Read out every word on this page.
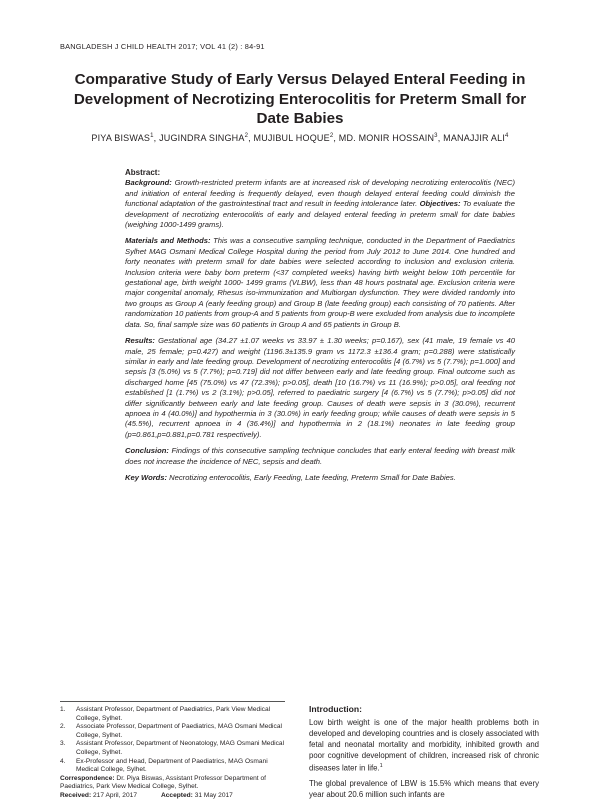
BANGLADESH J CHILD HEALTH 2017; VOL 41 (2) : 84-91
Comparative Study of Early Versus Delayed Enteral Feeding in Development of Necrotizing Enterocolitis for Preterm Small for Date Babies
PIYA BISWAS$^1$, JUGINDRA SINGHA$^2$, MUJIBUL HOQUE$^2$, MD. MONIR HOSSAIN$^3$, MANAJJIR ALI$^4$

Abstract:

Background: Growth-restricted preterm infants are at increased risk of developing necrotizing enterocolitis (NEC) and initiation of enteral feeding is frequently delayed, even though delayed enteral feeding could diminish the functional adaptation of the gastrointestinal tract and result in feeding intolerance later. Objectives: To evaluate the development of necrotizing enterocolitis of early and delayed enteral feeding in preterm small for date babies (weighing 1000-1499 grams).

Materials and Methods: This was a consecutive sampling technique, conducted in the Department of Paediatrics Sylhet MAG Osmani Medical College Hospital during the period from July 2012 to June 2014. One hundred and forty neonates with preterm small for date babies were selected according to inclusion and exclusion criteria. Inclusion criteria were baby born preterm (<37 completed weeks) having birth weight below 10th percentile for gestational age, birth weight 1000- 1499 grams (VLBW), less than 48 hours postnatal age. Exclusion criteria were major congenital anomaly, Rhesus iso-immunization and Multiorgan dysfunction. They were divided randomly into two groups as Group A (early feeding group) and Group B (late feeding group) each consisting of 70 patients. After randomization 10 patients from group-A and 5 patients from group-B were excluded from analysis due to incomplete data. So, final sample size was 60 patients in Group A and 65 patients in Group B.

Results: Gestational age (34.27 ±1.07 weeks vs 33.97 ± 1.30 weeks; p=0.167), sex (41 male, 19 female vs 40 male, 25 female; p=0.427) and weight (1196.3±135.9 gram vs 1172.3 ±136.4 gram; p=0.288) were statistically similar in early and late feeding group. Development of necrotizing enterocolitis [4 (6.7%) vs 5 (7.7%); p=1.000] and sepsis [3 (5.0%) vs 5 (7.7%); p=0.719] did not differ between early and late feeding group. Final outcome such as discharged home [45 (75.0%) vs 47 (72.3%); p>0.05], death [10 (16.7%) vs 11 (16.9%); p>0.05], oral feeding not established [1 (1.7%) vs 2 (3.1%); p>0.05], referred to paediatric surgery [4 (6.7%) vs 5 (7.7%); p>0.05] did not differ significantly between early and late feeding group. Causes of death were sepsis in 3 (30.0%), recurrent apnoea in 4 (40.0%)] and hypothermia in 3 (30.0%) in early feeding group; while causes of death were sepsis in 5 (45.5%), recurrent apnoea in 4 (36.4%)] and hypothermia in 2 (18.1%) neonates in late feeding group (p=0.861,p=0.881,p=0.781 respectively).

Conclusion: Findings of this consecutive sampling technique concludes that early enteral feeding with breast milk does not increase the incidence of NEC, sepsis and death.

Key Words: Necrotizing enterocolitis, Early Feeding, Late feeding, Preterm Small for Date Babies.

1.	Assistant Professor, Department of Paediatrics, Park View Medical College, Sylhet.
2.	Associate Professor, Department of Paediatrics, MAG Osmani Medical College, Sylhet.
3.	Assistant Professor, Department of Neonatology, MAG Osmani Medical College, Sylhet.
4.	Ex-Professor and Head, Department of Paediatrics, MAG Osmani Medical College, Sylhet.
Correspondence: Dr. Piya Biswas, Assistant Professor Department of Paediatrics, Park View Medical College, Sylhet.
Received: 217 April, 2017	Accepted: 31 May 2017
Introduction:

Low birth weight is one of the major health problems both in developed and developing countries and is closely associated with fetal and neonatal mortality and morbidity, inhibited growth and poor cognitive development of children, increased risk of chronic diseases later in life.$^1$

The global prevalence of LBW is 15.5% which means that every year about 20.6 million such infants are
